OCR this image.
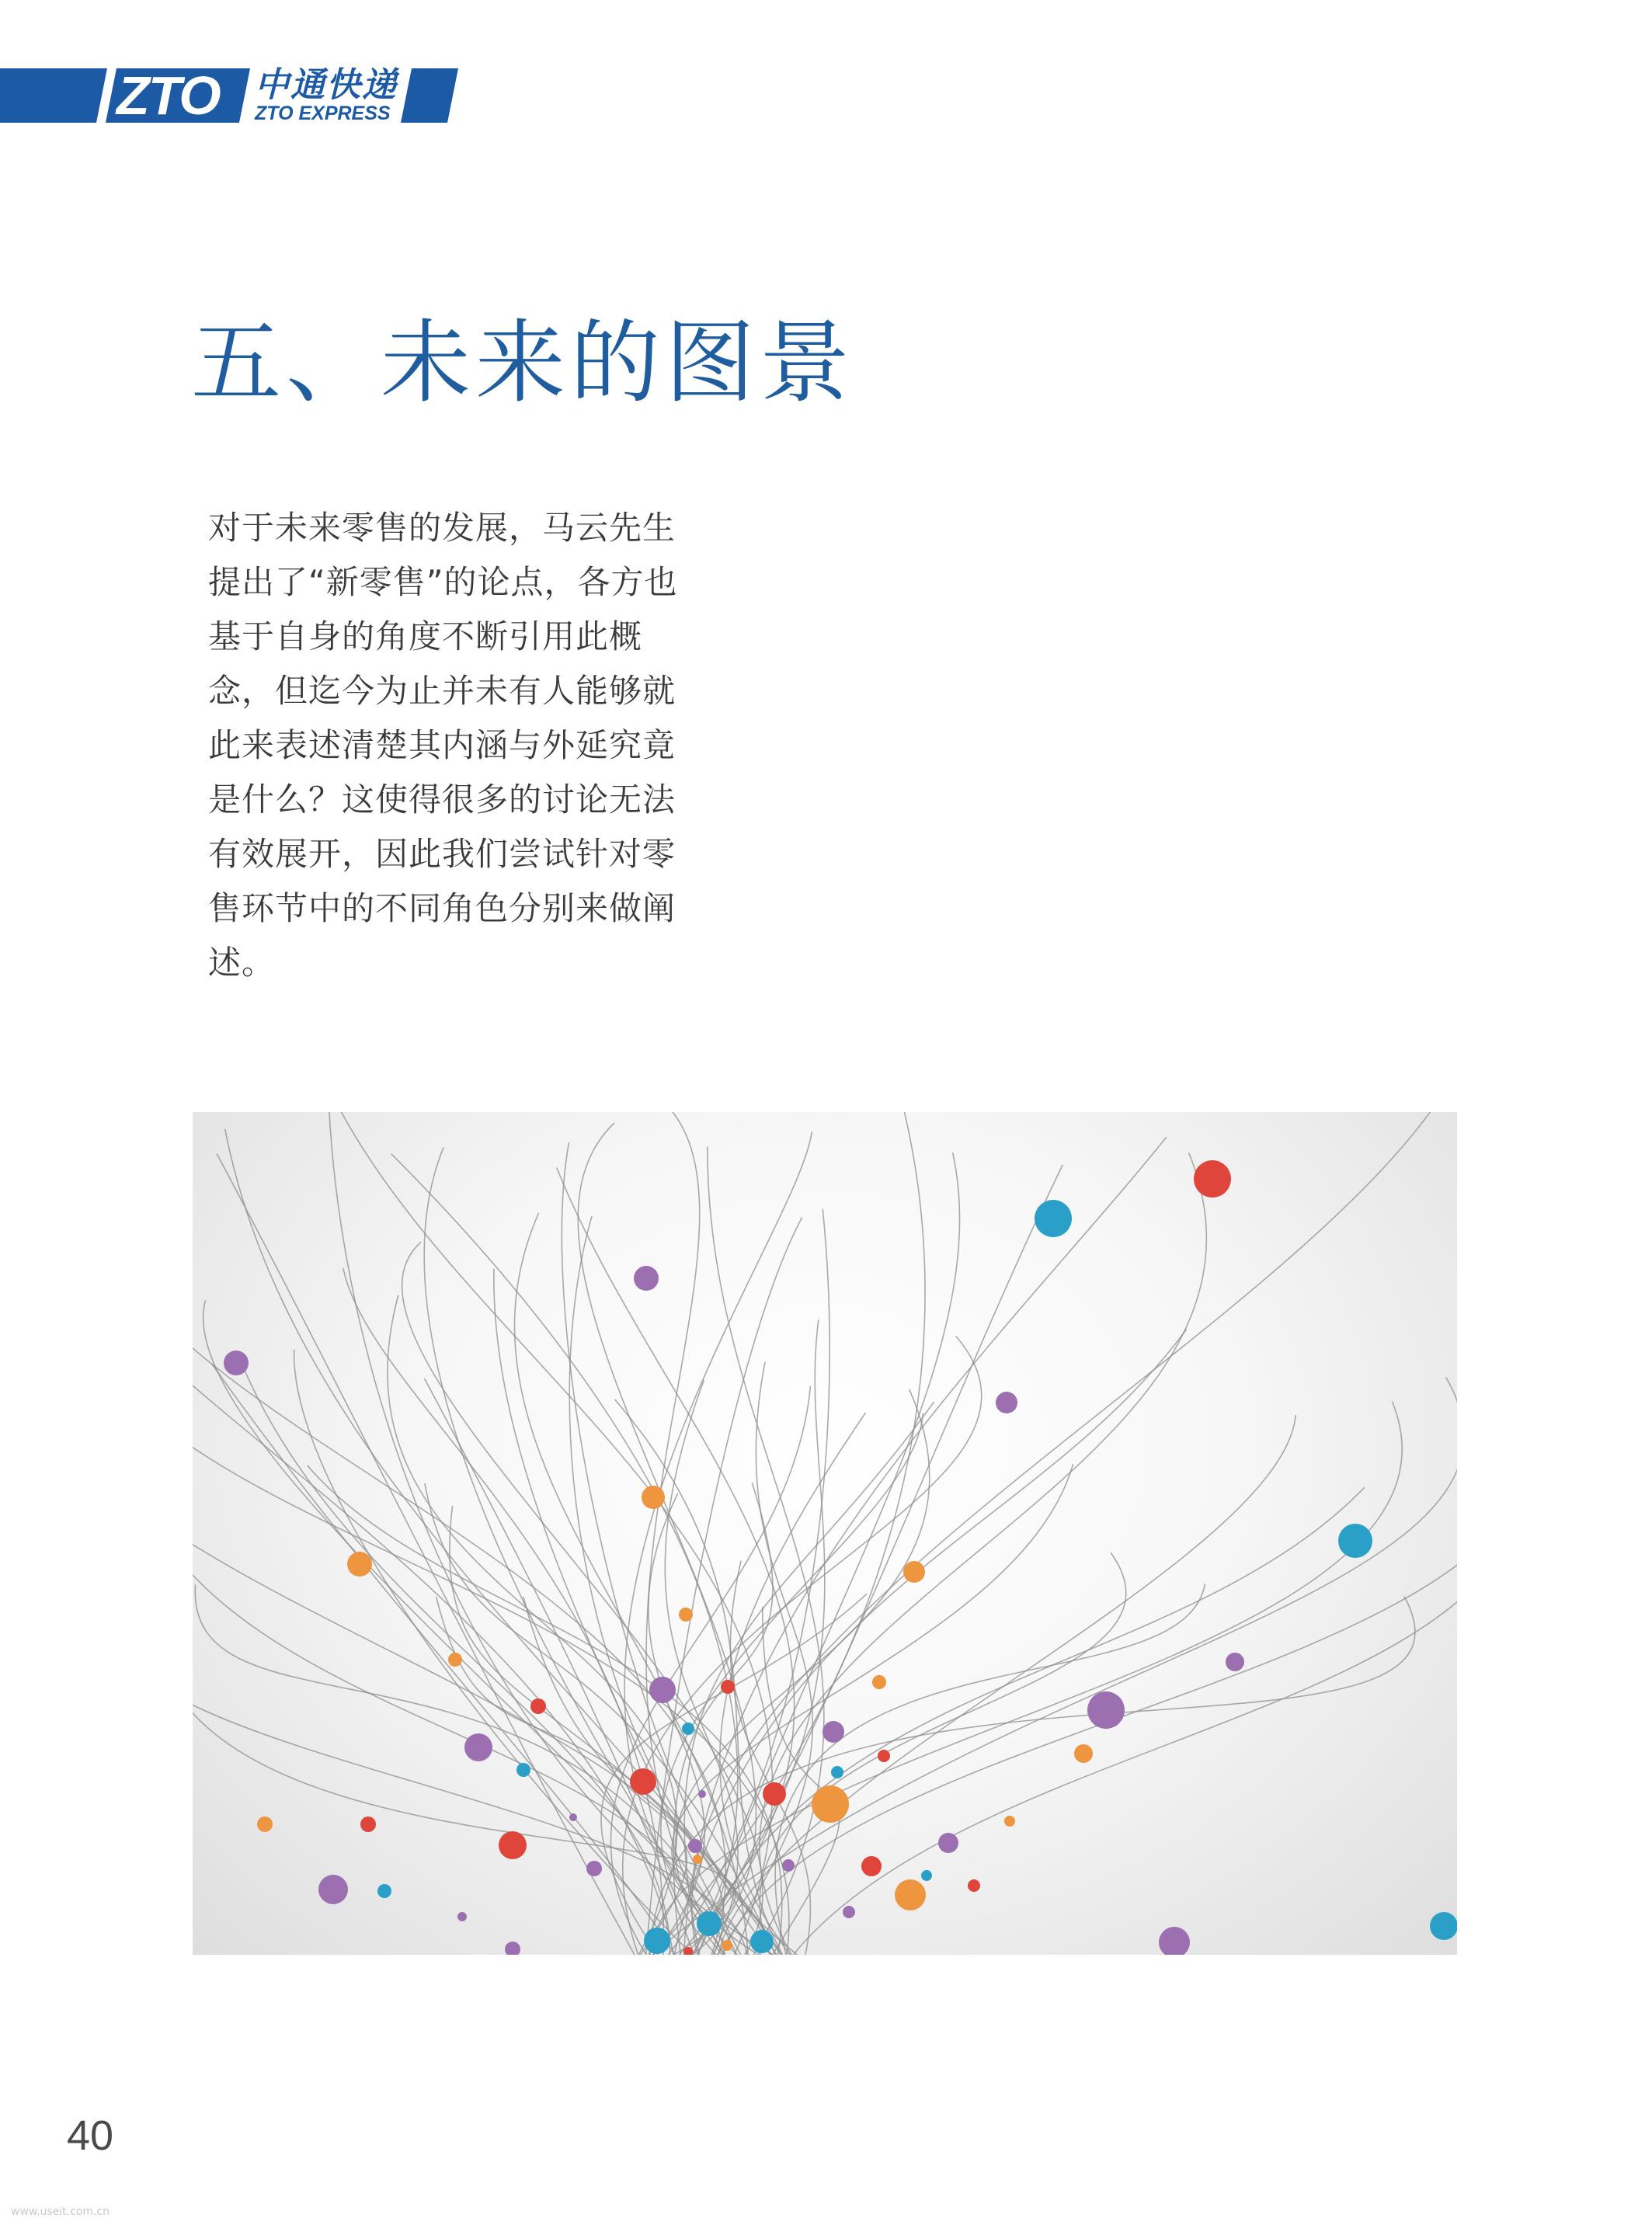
ZTO 中通快递
ZTO EXPRESS
五、未来的图景
对于未来零售的发展，马云先生
提出了“新零售”的论点，各方也
基于自身的角度不断引用此概
念，但迄今为止并未有人能够就
此来表述清楚其内涵与外延究竟
是什么？这使得很多的讨论无法
有效展开，因此我们尝试针对零
售环节中的不同角色分别来做阐
述。
40
www.useit.com.cn
